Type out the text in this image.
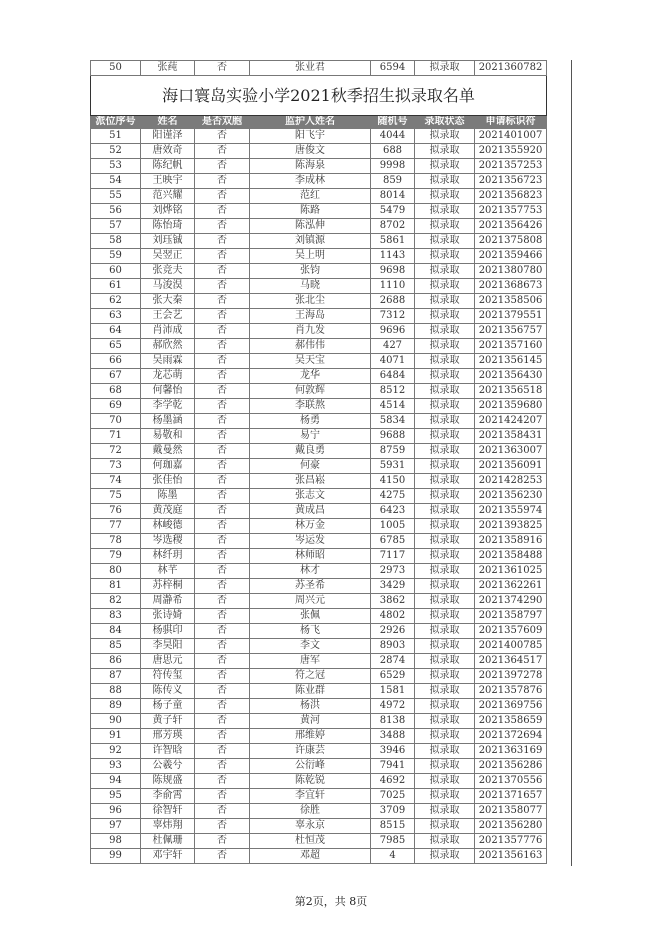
50	张莼	否	张业君	6594	拟录取	2021360782
海口寰岛实验小学2021秋季招生拟录取名单						
派位序号	姓名	是否双胞	监护人姓名	随机号	录取状态	申请标识符
51	阳谨泽	否	阳飞宇	4044	拟录取	2021401007
52	唐效奇	否	唐俊文	688	拟录取	2021355920
53	陈纪帆	否	陈海泉	9998	拟录取	2021357253
54	王映宇	否	李成林	859	拟录取	2021356723
55	范兴耀	否	范红	8014	拟录取	2021356823
56	刘烨铭	否	陈路	5479	拟录取	2021357753
57	陈怡琦	否	陈泓伸	8702	拟录取	2021356426
58	刘珏铖	否	刘镇源	5861	拟录取	2021375808
59	吴翌正	否	吴上明	1143	拟录取	2021359466
60	张竞夫	否	张钧	9698	拟录取	2021380780
61	马浚淏	否	马晓	1110	拟录取	2021368673
62	张大秦	否	张北尘	2688	拟录取	2021358506
63	王会艺	否	王海岛	7312	拟录取	2021379551
64	肖沛成	否	肖九发	9696	拟录取	2021356757
65	郝欣然	否	郝伟伟	427	拟录取	2021357160
66	吴雨霖	否	吴天宝	4071	拟录取	2021356145
67	龙芯萌	否	龙华	6484	拟录取	2021356430
68	何馨怡	否	何敦辉	8512	拟录取	2021356518
69	李学乾	否	李联熬	4514	拟录取	2021359680
70	杨墨涵	否	杨勇	5834	拟录取	2021424207
71	易敬和	否	易宁	9688	拟录取	2021358431
72	戴曼然	否	戴良勇	8759	拟录取	2021363007
73	何珈嘉	否	何豪	5931	拟录取	2021356091
74	张佳怡	否	张昌崧	4150	拟录取	2021428253
75	陈墨	否	张志文	4275	拟录取	2021356230
76	黄茂庭	否	黄成昌	6423	拟录取	2021355974
77	林峻德	否	林万金	1005	拟录取	2021393825
78	岑选稷	否	岑运发	6785	拟录取	2021358916
79	林纤玥	否	林师昭	7117	拟录取	2021358488
80	林芊	否	林才	2973	拟录取	2021361025
81	苏梓桐	否	苏圣希	3429	拟录取	2021362261
82	周瀞希	否	周兴元	3862	拟录取	2021374290
83	张诗婍	否	张佩	4802	拟录取	2021358797
84	杨骐印	否	杨飞	2926	拟录取	2021357609
85	李昊阳	否	李文	8903	拟录取	2021400785
86	唐思元	否	唐军	2874	拟录取	2021364517
87	符传玺	否	符之冠	6529	拟录取	2021397278
88	陈传义	否	陈业群	1581	拟录取	2021357876
89	杨子童	否	杨洪	4972	拟录取	2021369756
90	黄子轩	否	黄河	8138	拟录取	2021358659
91	邢芳瑛	否	邢维婷	3488	拟录取	2021372694
92	许智晗	否	许康芸	3946	拟录取	2021363169
93	公羲兮	否	公衍峰	7941	拟录取	2021356286
94	陈规盛	否	陈乾锐	4692	拟录取	2021370556
95	李俞霄	否	李宜轩	7025	拟录取	2021371657
96	徐智轩	否	徐胜	3709	拟录取	2021358077
97	辜炜翔	否	辜永京	8515	拟录取	2021356280
98	杜佩珊	否	杜恒茂	7985	拟录取	2021357776
99	邓宇轩	否	邓超	4	拟录取	2021356163
第2页，共 8页
